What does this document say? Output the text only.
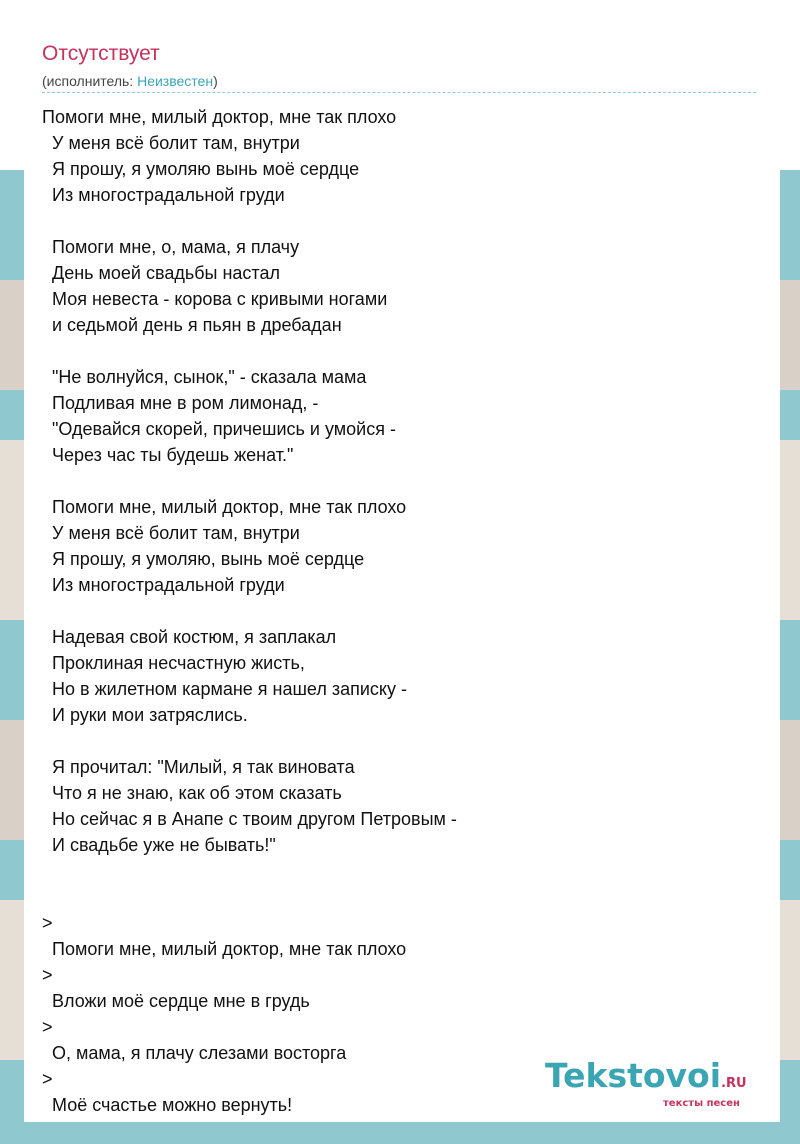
Отсутствует
(исполнитель: Неизвестен)
Помоги мне, милый доктор, мне так плохо
У меня всё болит там, внутри
Я прошу, я умоляю вынь моё сердце
Из многострадальной груди
Помоги мне, о, мама, я плачу
День моей свадьбы настал
Моя невеста - корова с кривыми ногами
и седьмой день я пьян в дребадан
"Не волнуйся, сынок," - сказала мама
Подливая мне в ром лимонад, -
"Одевайся скорей, причешись и умойся -
Через час ты будешь женат."
Помоги мне, милый доктор, мне так плохо
У меня всё болит там, внутри
Я прошу, я умоляю, вынь моё сердце
Из многострадальной груди
Надевая свой костюм, я заплакал
Проклиная несчастную жисть,
Но в жилетном кармане я нашел записку -
И руки мои затряслись.
Я прочитал: "Милый, я так виновата
Что я не знаю, как об этом сказать
Но сейчас я в Анапе с твоим другом Петровым -
И свадьбе уже не бывать!"
>
Помоги мне, милый доктор, мне так плохо
>
Вложи моё сердце мне в грудь
>
О, мама, я плачу слезами восторга
>
Моё счастье можно вернуть!
Tekstovoi.RU
тексты песен
